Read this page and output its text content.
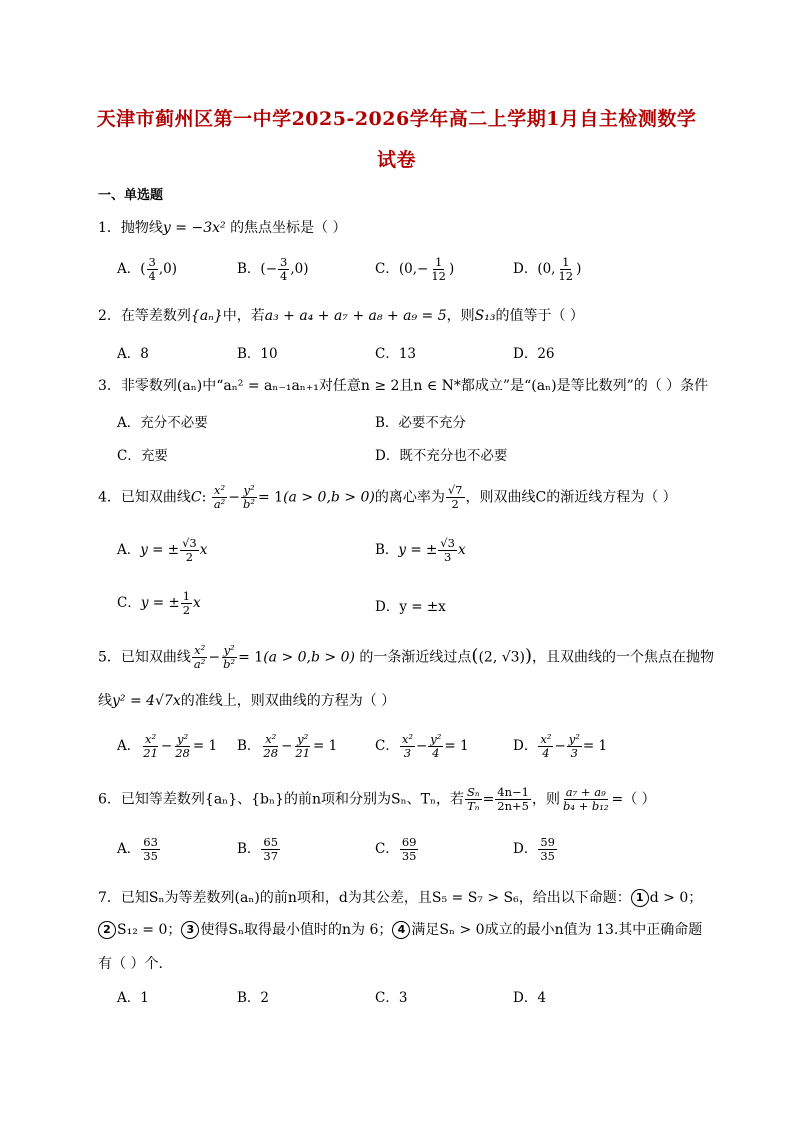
天津市蓟州区第一中学2025-2026学年高二上学期1月自主检测数学
试卷
一、单选题
1．抛物线y = −3x² 的焦点坐标是（ ）
A．( $\frac{3}{4} ,0$)	B．(− $\frac{3}{4} ,0$)	C．($0,- \frac{1}{12}$ )	D．(0, $\frac{1}{12}$ )
2．在等差数列{aₙ}中，若a₃ + a₄ + a₇ + a₈ + a₉ = 5，则S₁₃的值等于（ ）
A．8	B．10	C．13	D．26
3．非零数列(aₙ)中“aₙ² = aₙ₋₁aₙ₊₁对任意n ≥ 2且n ∈ N*都成立”是“(aₙ)是等比数列”的（ ）条件
A．充分不必要	B．必要不充分
C．充要	D．既不充分也不必要
4．已知双曲线C: $\frac{\text{x²}}{\text{a²}} - \frac{\text{y²}}{\text{b²}} = 1(a > 0,b > 0)$的离心率为 $\frac{√7}{2}$ ，则双曲线C的渐近线方程为（ ）
A．y = ± $\frac{√3}{2}$ x	B．y = ± $\frac{√3}{3}$ x
C．y = ± $\frac{1}{2}$ x	D．y = ±x
5．已知双曲线 $\frac{\text{x²}}{\text{a²}} - \frac{\text{y²}}{\text{b²}} = 1(a > 0,b > 0)$ 的一条渐近线过点((2, √3))，且双曲线的一个焦点在抛物
线y² = 4√7x的准线上，则双曲线的方程为（ ）
A． $\frac{\text{x²}}{21} - \frac{\text{y²}}{28} = 1$ B． $\frac{\text{x²}}{28} - \frac{\text{y²}}{21} = 1$	C． $\frac{\text{x²}}{3} - \frac{\text{y²}}{4} = 1$	D． $\frac{\text{x²}}{4} - \frac{\text{y²}}{3} = 1$
6．已知等差数列{aₙ}、{bₙ}的前n项和分别为Sₙ、Tₙ，若 $\frac{\text{Sₙ}}{\text{Tₙ}} = \frac{4n-1}{2n+5}$ ，则 $\frac{\text{a₇ + a₉}}{\text{b₄ + b₁₂}}$ =（ ）
A． $\frac{63}{35}$	B． $\frac{65}{37}$	C． $\frac{69}{35}$	D． $\frac{59}{35}$
7．已知Sₙ为等差数列(aₙ)的前n项和，d为其公差，且S₅ = S₇ > S₆，给出以下命题： 1 d > 0；
2 S₁₂ = 0； 3 使得Sₙ取得最小值时的n为 6； 4 满足Sₙ > 0成立的最小n值为 13.其中正确命题
有（ ）个.
A．1	B．2	C．3	D．4
